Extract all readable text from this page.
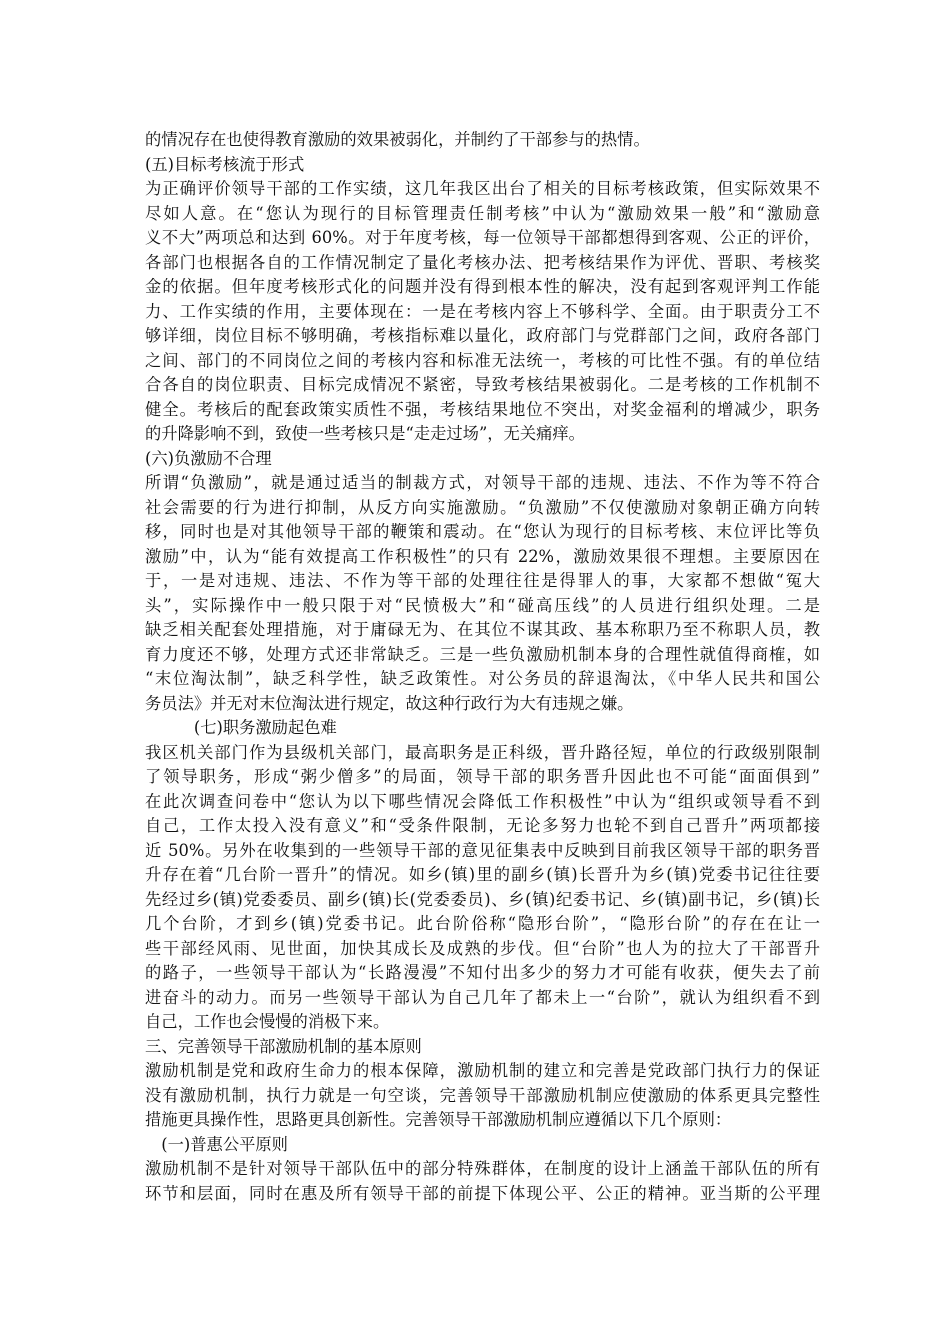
的情况存在也使得教育激励的效果被弱化，并制约了干部参与的热情。
(五)目标考核流于形式
为正确评价领导干部的工作实绩，这几年我区出台了相关的目标考核政策，但实际效果不
尽如人意。在“您认为现行的目标管理责任制考核”中认为“激励效果一般”和“激励意
义不大”两项总和达到 60%。对于年度考核，每一位领导干部都想得到客观、公正的评价，
各部门也根据各自的工作情况制定了量化考核办法、把考核结果作为评优、晋职、考核奖
金的依据。但年度考核形式化的问题并没有得到根本性的解决，没有起到客观评判工作能
力、工作实绩的作用，主要体现在：一是在考核内容上不够科学、全面。由于职责分工不
够详细，岗位目标不够明确，考核指标难以量化，政府部门与党群部门之间，政府各部门
之间、部门的不同岗位之间的考核内容和标准无法统一，考核的可比性不强。有的单位结
合各自的岗位职责、目标完成情况不紧密，导致考核结果被弱化。二是考核的工作机制不
健全。考核后的配套政策实质性不强，考核结果地位不突出，对奖金福利的增减少，职务
的升降影响不到，致使一些考核只是“走走过场”，无关痛痒。
(六)负激励不合理
所谓“负激励”，就是通过适当的制裁方式，对领导干部的违规、违法、不作为等不符合
社会需要的行为进行抑制，从反方向实施激励。“负激励”不仅使激励对象朝正确方向转
移，同时也是对其他领导干部的鞭策和震动。在“您认为现行的目标考核、末位评比等负
激励”中，认为“能有效提高工作积极性”的只有 22%，激励效果很不理想。主要原因在
于，一是对违规、违法、不作为等干部的处理往往是得罪人的事，大家都不想做“冤大
头”，实际操作中一般只限于对“民愤极大”和“碰高压线”的人员进行组织处理。二是
缺乏相关配套处理措施，对于庸碌无为、在其位不谋其政、基本称职乃至不称职人员，教
育力度还不够，处理方式还非常缺乏。三是一些负激励机制本身的合理性就值得商榷，如
“末位淘汰制”，缺乏科学性，缺乏政策性。对公务员的辞退淘汰，《中华人民共和国公
务员法》并无对末位淘汰进行规定，故这种行政行为大有违规之嫌。
　　　(七)职务激励起色难
我区机关部门作为县级机关部门，最高职务是正科级，晋升路径短，单位的行政级别限制
了领导职务，形成“粥少僧多”的局面，领导干部的职务晋升因此也不可能“面面俱到”
在此次调查问卷中“您认为以下哪些情况会降低工作积极性”中认为“组织或领导看不到
自己，工作太投入没有意义”和“受条件限制，无论多努力也轮不到自己晋升”两项都接
近 50%。另外在收集到的一些领导干部的意见征集表中反映到目前我区领导干部的职务晋
升存在着“几台阶一晋升”的情况。如乡(镇)里的副乡(镇)长晋升为乡(镇)党委书记往往要
先经过乡(镇)党委委员、副乡(镇)长(党委委员)、乡(镇)纪委书记、乡(镇)副书记，乡(镇)长
几个台阶，才到乡(镇)党委书记。此台阶俗称“隐形台阶”，“隐形台阶”的存在在让一
些干部经风雨、见世面，加快其成长及成熟的步伐。但“台阶”也人为的拉大了干部晋升
的路子，一些领导干部认为“长路漫漫”不知付出多少的努力才可能有收获，便失去了前
进奋斗的动力。而另一些领导干部认为自己几年了都未上一“台阶”，就认为组织看不到
自己，工作也会慢慢的消极下来。
三、完善领导干部激励机制的基本原则
激励机制是党和政府生命力的根本保障，激励机制的建立和完善是党政部门执行力的保证
没有激励机制，执行力就是一句空谈，完善领导干部激励机制应使激励的体系更具完整性
措施更具操作性，思路更具创新性。完善领导干部激励机制应遵循以下几个原则：
　(一)普惠公平原则
激励机制不是针对领导干部队伍中的部分特殊群体，在制度的设计上涵盖干部队伍的所有
环节和层面，同时在惠及所有领导干部的前提下体现公平、公正的精神。亚当斯的公平理
